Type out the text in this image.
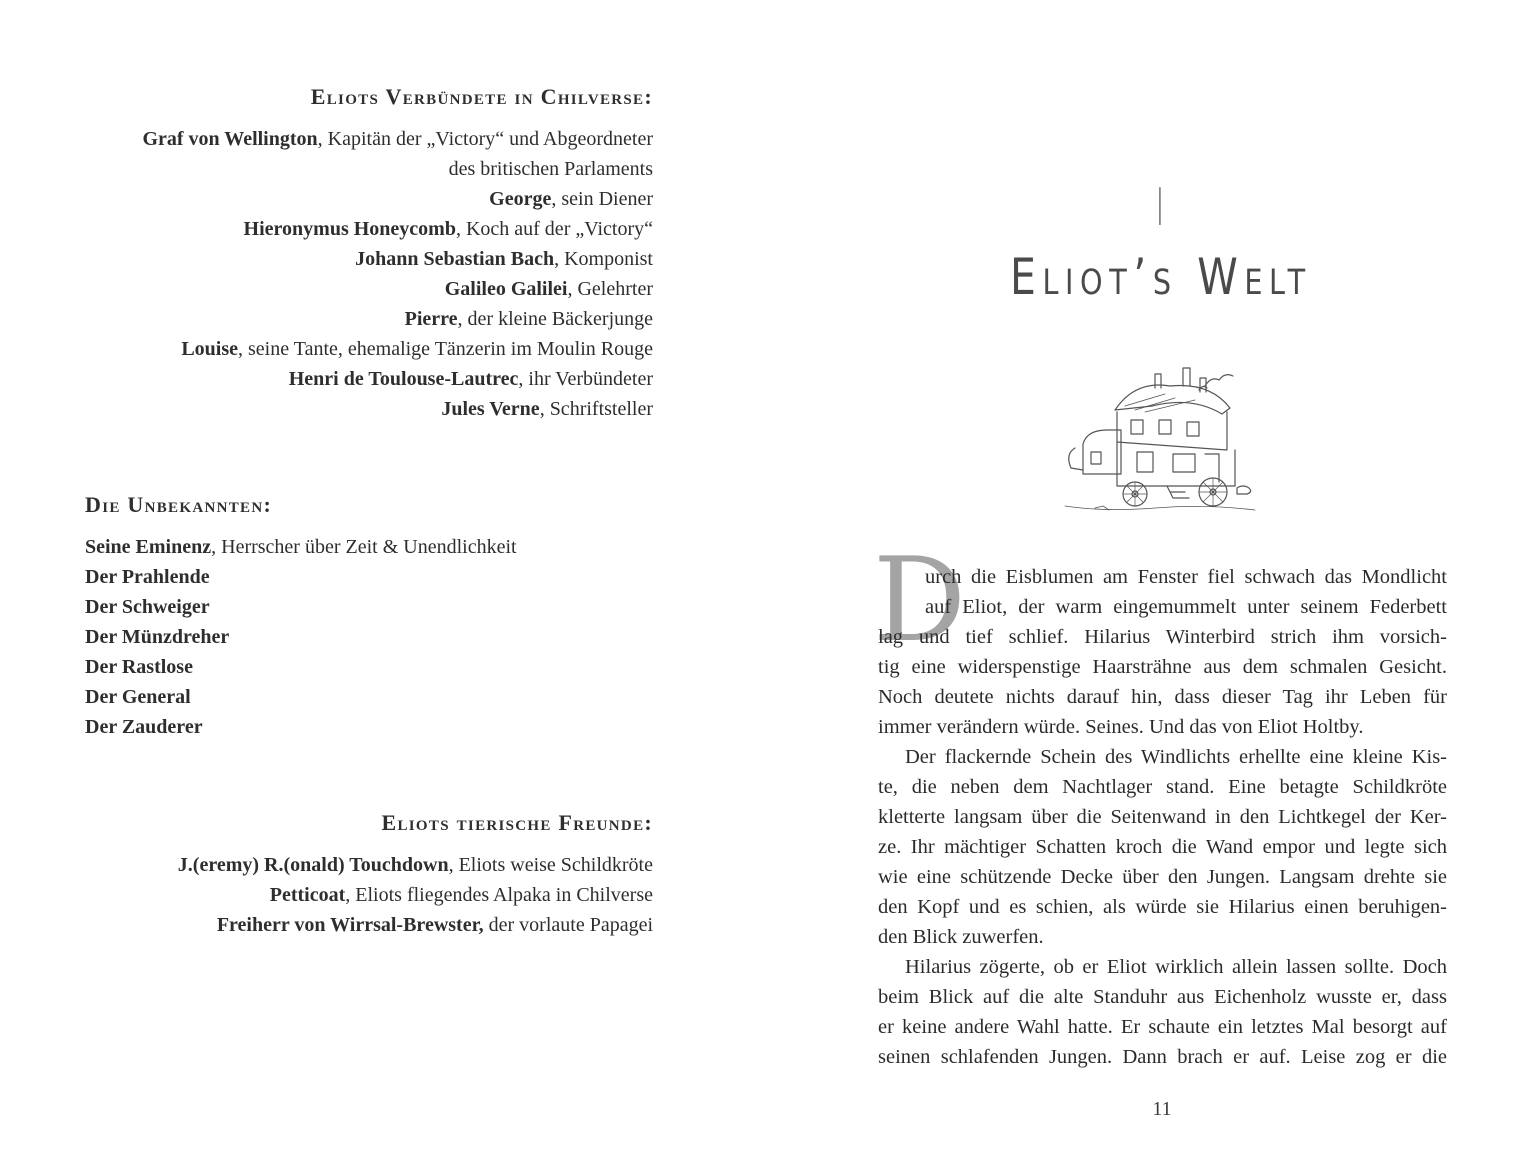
Eliots Verbündete in Chilverse:
Graf von Wellington, Kapitän der „Victory“ und Abgeordneter
des britischen Parlaments
George, sein Diener
Hieronymus Honeycomb, Koch auf der „Victory“
Johann Sebastian Bach, Komponist
Galileo Galilei, Gelehrter
Pierre, der kleine Bäckerjunge
Louise, seine Tante, ehemalige Tänzerin im Moulin Rouge
Henri de Toulouse-Lautrec, ihr Verbündeter
Jules Verne, Schriftsteller
Die Unbekannten:
Seine Eminenz, Herrscher über Zeit & Unendlichkeit
Der Prahlende
Der Schweiger
Der Münzdreher
Der Rastlose
Der General
Der Zauderer
Eliots tierische Freunde:
J.(eremy) R.(onald) Touchdown, Eliots weise Schildkröte
Petticoat, Eliots fliegendes Alpaka in Chilverse
Freiherr von Wirrsal-Brewster, der vorlaute Papagei
I
Eliot’s Welt
D
urch die Eisblumen am Fenster fiel schwach das Mondlicht
auf Eliot, der warm eingemummelt unter seinem Federbett
lag und tief schlief. Hilarius Winterbird strich ihm vorsich-
tig eine widerspenstige Haarsträhne aus dem schmalen Gesicht.
Noch deutete nichts darauf hin, dass dieser Tag ihr Leben für
immer verändern würde. Seines. Und das von Eliot Holtby.
Der flackernde Schein des Windlichts erhellte eine kleine Kis-
te, die neben dem Nachtlager stand. Eine betagte Schildkröte
kletterte langsam über die Seitenwand in den Lichtkegel der Ker-
ze. Ihr mächtiger Schatten kroch die Wand empor und legte sich
wie eine schützende Decke über den Jungen. Langsam drehte sie
den Kopf und es schien, als würde sie Hilarius einen beruhigen-
den Blick zuwerfen.
Hilarius zögerte, ob er Eliot wirklich allein lassen sollte. Doch
beim Blick auf die alte Standuhr aus Eichenholz wusste er, dass
er keine andere Wahl hatte. Er schaute ein letztes Mal besorgt auf
seinen schlafenden Jungen. Dann brach er auf. Leise zog er die
11
